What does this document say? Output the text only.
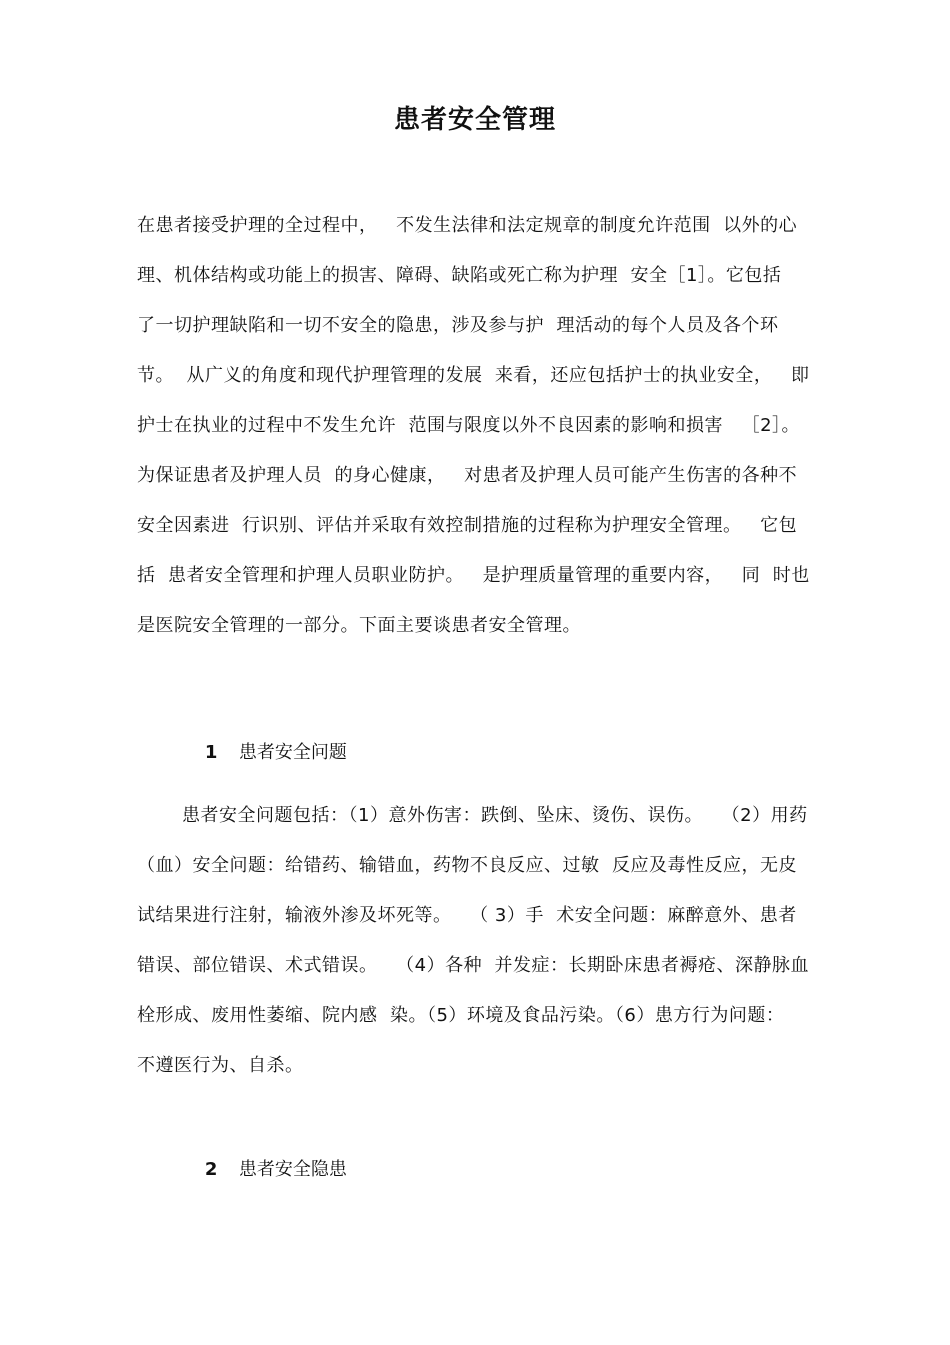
患者安全管理
在患者接受护理的全过程中，   不发生法律和法定规章的制度允许范围  以外的心
理、机体结构或功能上的损害、障碍、缺陷或死亡称为护理  安全［1］。它包括
了一切护理缺陷和一切不安全的隐患，涉及参与护  理活动的每个人员及各个环
节。  从广义的角度和现代护理管理的发展  来看，还应包括护士的执业安全，   即
护士在执业的过程中不发生允许  范围与限度以外不良因素的影响和损害   ［2］。
为保证患者及护理人员  的身心健康，   对患者及护理人员可能产生伤害的各种不
安全因素进  行识别、评估并采取有效控制措施的过程称为护理安全管理。   它包
括  患者安全管理和护理人员职业防护。   是护理质量管理的重要内容，   同  时也
是医院安全管理的一部分。下面主要谈患者安全管理。

1 患者安全问题

患者安全问题包括：（1）意外伤害：跌倒、坠床、烫伤、误伤。   （2）用药
（血）安全问题：给错药、输错血，药物不良反应、过敏  反应及毒性反应，无皮
试结果进行注射，输液外渗及坏死等。   （ 3）手  术安全问题：麻醉意外、患者
错误、部位错误、术式错误。   （4）各种  并发症：长期卧床患者褥疮、深静脉血
栓形成、废用性萎缩、院内感  染。（5）环境及食品污染。（6）患方行为问题：
不遵医行为、自杀。

2 患者安全隐患
